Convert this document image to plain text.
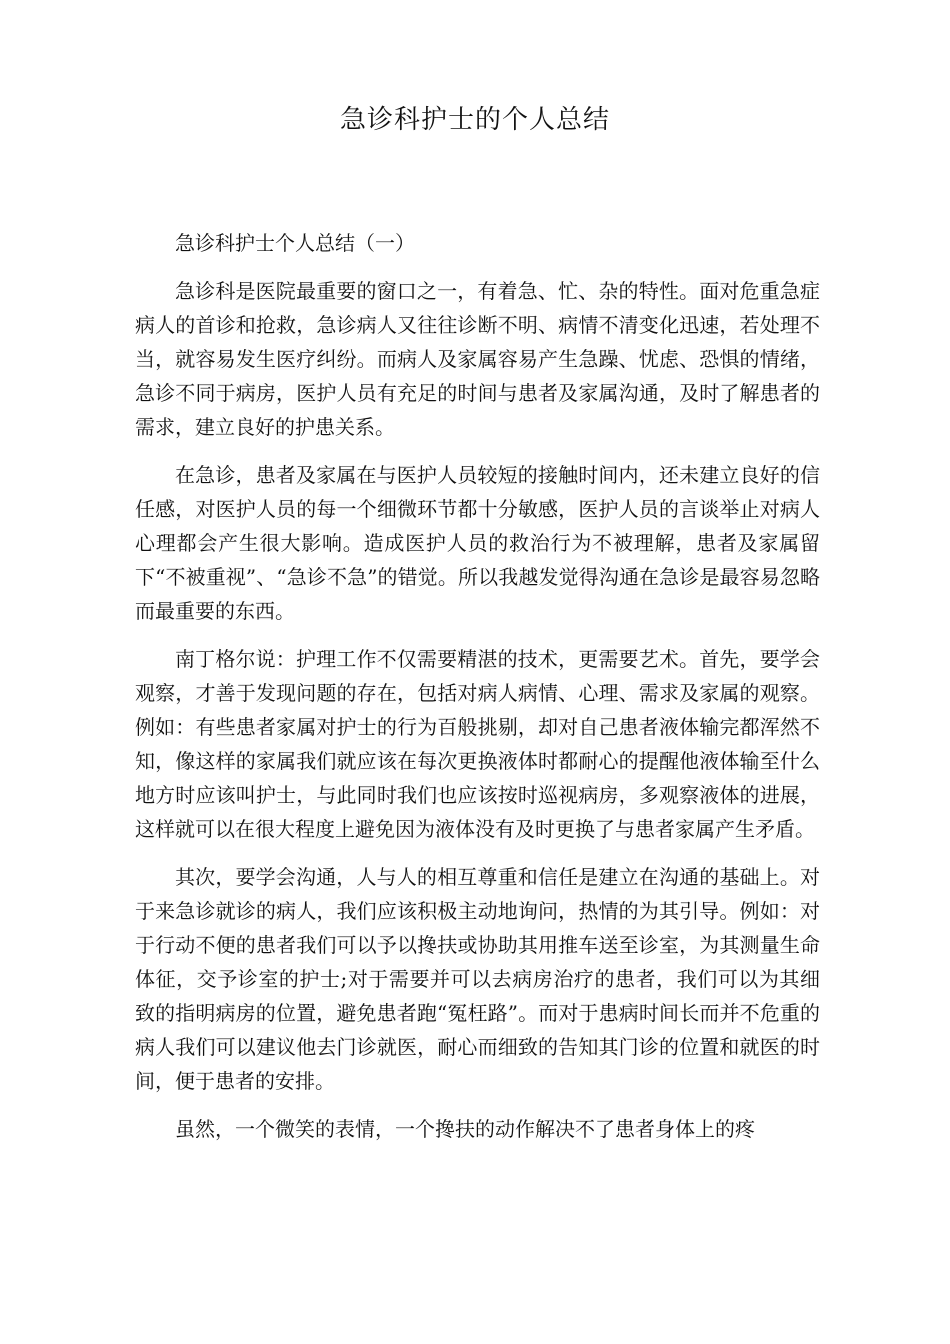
急诊科护士的个人总结

急诊科护士个人总结（一）

急诊科是医院最重要的窗口之一，有着急、忙、杂的特性。面对危重急症病人的首诊和抢救，急诊病人又往往诊断不明、病情不清变化迅速，若处理不当，就容易发生医疗纠纷。而病人及家属容易产生急躁、忧虑、恐惧的情绪，急诊不同于病房，医护人员有充足的时间与患者及家属沟通，及时了解患者的需求，建立良好的护患关系。

在急诊，患者及家属在与医护人员较短的接触时间内，还未建立良好的信任感，对医护人员的每一个细微环节都十分敏感，医护人员的言谈举止对病人心理都会产生很大影响。造成医护人员的救治行为不被理解，患者及家属留下“不被重视”、“急诊不急”的错觉。所以我越发觉得沟通在急诊是最容易忽略而最重要的东西。

南丁格尔说：护理工作不仅需要精湛的技术，更需要艺术。首先，要学会观察，才善于发现问题的存在，包括对病人病情、心理、需求及家属的观察。例如：有些患者家属对护士的行为百般挑剔，却对自己患者液体输完都浑然不知，像这样的家属我们就应该在每次更换液体时都耐心的提醒他液体输至什么地方时应该叫护士，与此同时我们也应该按时巡视病房，多观察液体的进展，这样就可以在很大程度上避免因为液体没有及时更换了与患者家属产生矛盾。

其次，要学会沟通，人与人的相互尊重和信任是建立在沟通的基础上。对于来急诊就诊的病人，我们应该积极主动地询问，热情的为其引导。例如：对于行动不便的患者我们可以予以搀扶或协助其用推车送至诊室，为其测量生命体征，交予诊室的护士;对于需要并可以去病房治疗的患者，我们可以为其细致的指明病房的位置，避免患者跑“冤枉路”。而对于患病时间长而并不危重的病人我们可以建议他去门诊就医，耐心而细致的告知其门诊的位置和就医的时间，便于患者的安排。

虽然，一个微笑的表情，一个搀扶的动作解决不了患者身体上的疼
